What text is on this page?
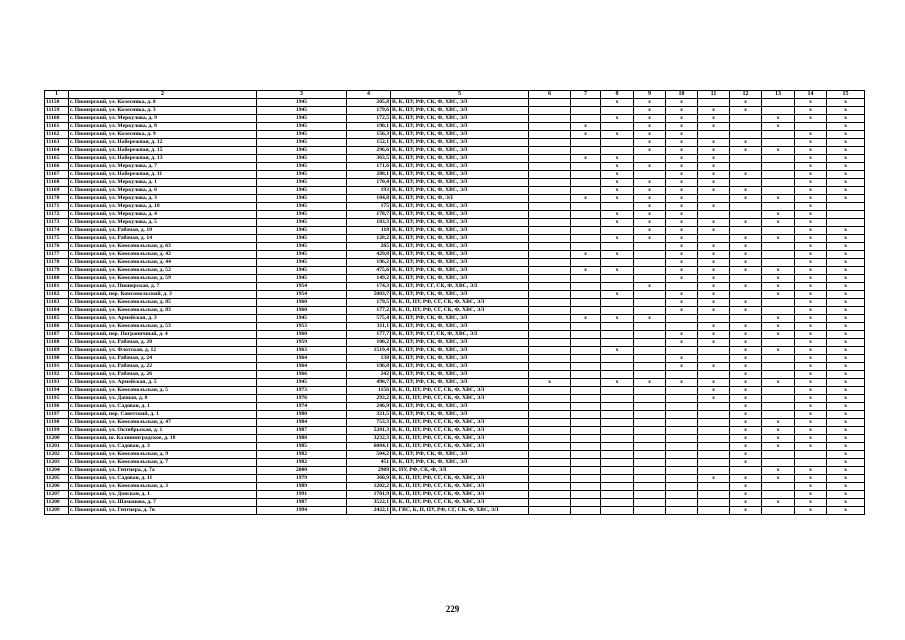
1	2	3	4	5	6	7	8	9	10	11	12	13	14	15
11158	г. Пионерский, ул. Колесника, д. 8	1945	205,8	В, К, ПУ, РФ, СК, Ф, ХВС, ЭЛ			x	x	x		x		x	x
11159	г. Пионерский, ул. Колесника, д. 3	1945	179,6	В, К, ПУ, РФ, СК, Ф, ХВС, ЭЛ				x	x	x	x		x	x
11160	г. Пионерский, ул. Меркулова, д. 9	1945	172,5	В, К, ПУ, РФ, СК, Ф, ХВС, ЭЛ			x	x	x	x		x	x	x
11161	г. Пионерский, ул. Меркулова, д. 8	1945	190,1	В, К, ПУ, РФ, СК, Ф, ХВС, ЭЛ		x		x	x	x		x		x
11162	г. Пионерский, ул. Колесника, д. 9	1945	156,3	В, К, ПУ, РФ, СК, Ф, ХВС, ЭЛ		x	x	x	x				x	x
11163	г. Пионерский, ул. Набережная, д. 12	1945	152,1	В, К, ПУ, РФ, СК, Ф, ХВС, ЭЛ				x	x	x	x		x	x
11164	г. Пионерский, ул. Набережная, д. 15	1945	296,6	В, К, ПУ, РФ, СК, Ф, ХВС, ЭЛ				x	x	x	x	x	x	x
11165	г. Пионерский, ул. Набережная, д. 13	1945	363,5	В, К, ПУ, РФ, СК, Ф, ХВС, ЭЛ		x	x		x	x			x	x
11166	г. Пионерский, ул. Меркулова, д. 7	1945	171,6	В, К, ПУ, РФ, СК, Ф, ХВС, ЭЛ			x	x	x	x			x	x
11167	г. Пионерский, ул. Набережная, д. 11	1945	288,1	В, К, ПУ, РФ, СК, Ф, ХВС, ЭЛ			x		x	x	x		x	x
11168	г. Пионерский, ул. Меркулова, д. 1	1945	170,4	В, К, ПУ, РФ, СК, Ф, ХВС, ЭЛ			x	x	x	x			x	x
11169	г. Пионерский, ул. Меркулова, д. 6	1945	193	В, К, ПУ, РФ, СК, Ф, ХВС, ЭЛ			x	x	x	x	x		x	x
11170	г. Пионерский, ул. Меркулова, д. 3	1945	184,8	В, К, ПУ, РФ, СК, Ф, ЭЛ		x	x	x	x		x	x	x	x
11171	г. Пионерский, ул. Меркулова, д. 10	1945	175	В, К, ПУ, РФ, СК, Ф, ХВС, ЭЛ				x	x	x			x	
11172	г. Пионерский, ул. Меркулова, д. 4	1945	178,7	В, К, ПУ, РФ, СК, Ф, ХВС, ЭЛ			x	x	x			x	x	
11173	г. Пионерский, ул. Меркулова, д. 5	1945	183,3	В, К, ПУ, РФ, СК, Ф, ХВС, ЭЛ			x	x	x	x	x	x	x	
11174	г. Пионерский, ул. Рабочая, д. 10	1945	118	В, К, ПУ, РФ, СК, Ф, ХВС, ЭЛ				x	x	x			x	x
11175	г. Пионерский, ул. Рабочая, д. 14	1945	128,2	В, К, ПУ, РФ, СК, Ф, ХВС, ЭЛ			x	x	x		x	x	x	x
11176	г. Пионерский, ул. Комсомольская, д. 63	1945	265	В, К, ПУ, РФ, СК, Ф, ХВС, ЭЛ					x	x	x		x	x
11177	г. Пионерский, ул. Комсомольская, д. 42	1945	429,8	В, К, ПУ, РФ, СК, Ф, ХВС, ЭЛ		x	x		x	x	x		x	x
11178	г. Пионерский, ул. Комсомольская, д. 44	1945	196,2	В, К, ПУ, РФ, СК, Ф, ХВС, ЭЛ					x	x	x		x	x
11179	г. Пионерский, ул. Комсомольская, д. 52	1945	475,6	В, К, ПУ, РФ, СК, Ф, ХВС, ЭЛ		x	x		x	x	x	x	x	x
11180	г. Пионерский, ул. Комсомольская, д. 59	1945	149,2	В, К, ПУ, РФ, СК, Ф, ХВС, ЭЛ					x	x		x	x	x
11181	г. Пионерский, ул. Пионерская, д. 7	1954	174,3	В, К, ПУ, РФ, СГ, СК, Ф, ХВС, ЭЛ				x		x	x	x	x	x
11182	г. Пионерский, пер. Комсомольский, д. 3	1954	5003,7	В, К, ПУ, РФ, СК, Ф, ХВС, ЭЛ			x		x	x		x	x	x
11183	г. Пионерский, ул. Комсомольская, д. 85	1960	179,5	В, К, П, ПУ, РФ, СГ, СК, Ф, ХВС, ЭЛ					x	x	x		x	x
11184	г. Пионерский, ул. Комсомольская, д. 83	1960	177,2	В, К, П, ПУ, РФ, СГ, СК, Ф, ХВС, ЭЛ					x	x	x		x	x
11185	г. Пионерский, ул. Армейская, д. 3	1945	575,4	В, К, ПУ, РФ, СК, Ф, ХВС, ЭЛ		x	x	x				x	x	x
11186	г. Пионерский, ул. Комсомольская, д. 53	1953	311,1	В, К, ПУ, РФ, СК, Ф, ХВС, ЭЛ						x	x	x	x	x
11187	г. Пионерский, пер. Пограничный, д. 4	1960	177,7	В, К, ПУ, РФ, СГ, СК, Ф, ХВС, ЭЛ					x	x	x	x	x	x
11188	г. Пионерский, ул. Рабочая, д. 20	1959	100,2	В, К, ПУ, РФ, СК, Ф, ХВС, ЭЛ					x	x	x		x	x
11189	г. Пионерский, ул. Флотская, д. 12	1963	1519,4	В, К, ПУ, РФ, СК, Ф, ХВС, ЭЛ			x				x	x	x	x
11190	г. Пионерский, ул. Рабочая, д. 24	1964	138	В, К, ПУ, РФ, СК, Ф, ХВС, ЭЛ					x		x		x	x
11191	г. Пионерский, ул. Рабочая, д. 22	1964	196,8	В, К, ПУ, РФ, СК, Ф, ХВС, ЭЛ					x	x	x		x	x
11192	г. Пионерский, ул. Рабочая, д. 26	1966	242	В, К, ПУ, РФ, СК, Ф, ХВС, ЭЛ							x		x	x
11193	г. Пионерский, ул. Армейская, д. 5	1945	498,7	В, К, ПУ, РФ, СК, Ф, ХВС, ЭЛ	x		x	x	x	x	x	x	x	x
11194	г. Пионерский, ул. Комсомольская, д. 5	1973	1156	В, К, П, ПУ, РФ, СГ, СК, Ф, ХВС, ЭЛ						x	x		x	x
11195	г. Пионерский, ул. Дачная, д. 8	1976	293,2	В, К, П, ПУ, РФ, СГ, СК, Ф, ХВС, ЭЛ						x	x		x	x
11196	г. Пионерский, ул. Садовая, д. 1	1974	246,9	В, К, ПУ, РФ, СК, Ф, ХВС, ЭЛ							x		x	x
11197	г. Пионерский, пер. Советский, д. 1	1980	321,5	В, К, ПУ, РФ, СК, Ф, ХВС, ЭЛ							x		x	x
11198	г. Пионерский, ул. Комсомольская, д. 47	1984	753,3	В, К, П, ПУ, РФ, СГ, СК, Ф, ХВС, ЭЛ							x	x	x	x
11199	г. Пионерский, ул. Октябрьская, д. 1	1987	5281,3	В, К, П, ПУ, РФ, СГ, СК, Ф, ХВС, ЭЛ							x	x	x	x
11200	г. Пионерский, ш. Калининградское, д. 18	1988	3232,3	В, К, П, ПУ, РФ, СГ, СК, Ф, ХВС, ЭЛ							x	x	x	x
11201	г. Пионерский, ул. Садовая, д. 3	1985	6084,1	В, К, П, ПУ, РФ, СГ, СК, Ф, ХВС, ЭЛ							x	x	x	x
11202	г. Пионерский, ул. Комсомольская, д. 9	1982	504,2	В, К, ПУ, РФ, СК, Ф, ХВС, ЭЛ							x			x
11203	г. Пионерский, ул. Комсомольская, д. 7	1982	451	В, К, ПУ, РФ, СК, Ф, ХВС, ЭЛ							x			x
11204	г. Пионерский, ул. Гептнера, д. 7а	2000	2989	К, ПУ, РФ, СК, Ф, ЭЛ								x	x	x
11205	г. Пионерский, ул. Садовая, д. 11	1979	360,9	В, К, П, ПУ, РФ, СГ, СК, Ф, ХВС, ЭЛ						x	x	x	x	x
11206	г. Пионерский, ул. Комсомольская, д. 3	1989	1202,2	В, К, П, ПУ, РФ, СГ, СК, Ф, ХВС, ЭЛ							x		x	x
11207	г. Пионерский, ул. Донская, д. 1	1991	1701,9	В, К, П, ПУ, РФ, СГ, СК, Ф, ХВС, ЭЛ							x		x	x
11208	г. Пионерский, ул. Шаманова, д. 7	1987	3522,1	В, К, П, ПУ, РФ, СГ, СК, Ф, ХВС, ЭЛ							x	x	x	x
11209	г. Пионерский, ул. Гептнера, д. 7в	1994	2422,1	В, ГВС, К, П, ПУ, РФ, СГ, СК, Ф, ХВС, ЭЛ							x		x	x
229
